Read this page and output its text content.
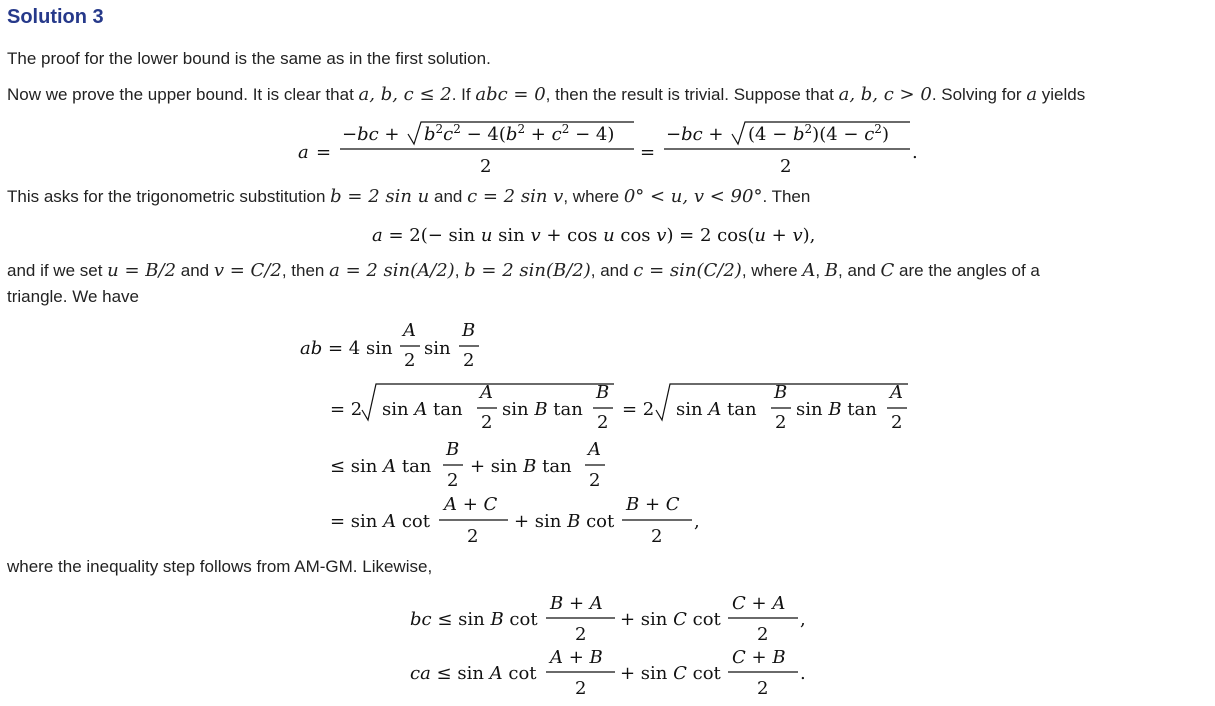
Solution 3
The proof for the lower bound is the same as in the first solution.
Now we prove the upper bound. It is clear that a, b, c ≤ 2. If abc = 0, then the result is trivial. Suppose that a, b, c > 0. Solving for a yields
a =
$-bc + b^2c^2 - 4(b^2 + c^2 - 4)$
2
=
$-bc + (4 - b^2)(4 - c^2)$
2
.
This asks for the trigonometric substitution b = 2 sin u and c = 2 sin v, where 0° < u, v < 90°. Then
a = 2(− sin u sin v + cos u cos v) = 2 cos(u + v),
and if we set u = B/2 and v = C/2, then a = 2 sin(A/2), b = 2 sin(B/2), and c = sin(C/2), where A, B, and C are the angles of a
triangle. We have
ab = 4 sin
A
2
sin
B
2
= 2 sin A tan
A
2
sin B tan
B
2
= 2 sin A tan
B
2
sin B tan
A
2
≤ sin A tan
B
2
+ sin B tan
A
2
= sin A cot
A + C
2
+ sin B cot
B + C
2
,
where the inequality step follows from AM-GM. Likewise,
bc ≤ sin B cot
B + A
2
+ sin C cot
C + A
2
,
ca ≤ sin A cot
A + B
2
+ sin C cot
C + B
2
.
